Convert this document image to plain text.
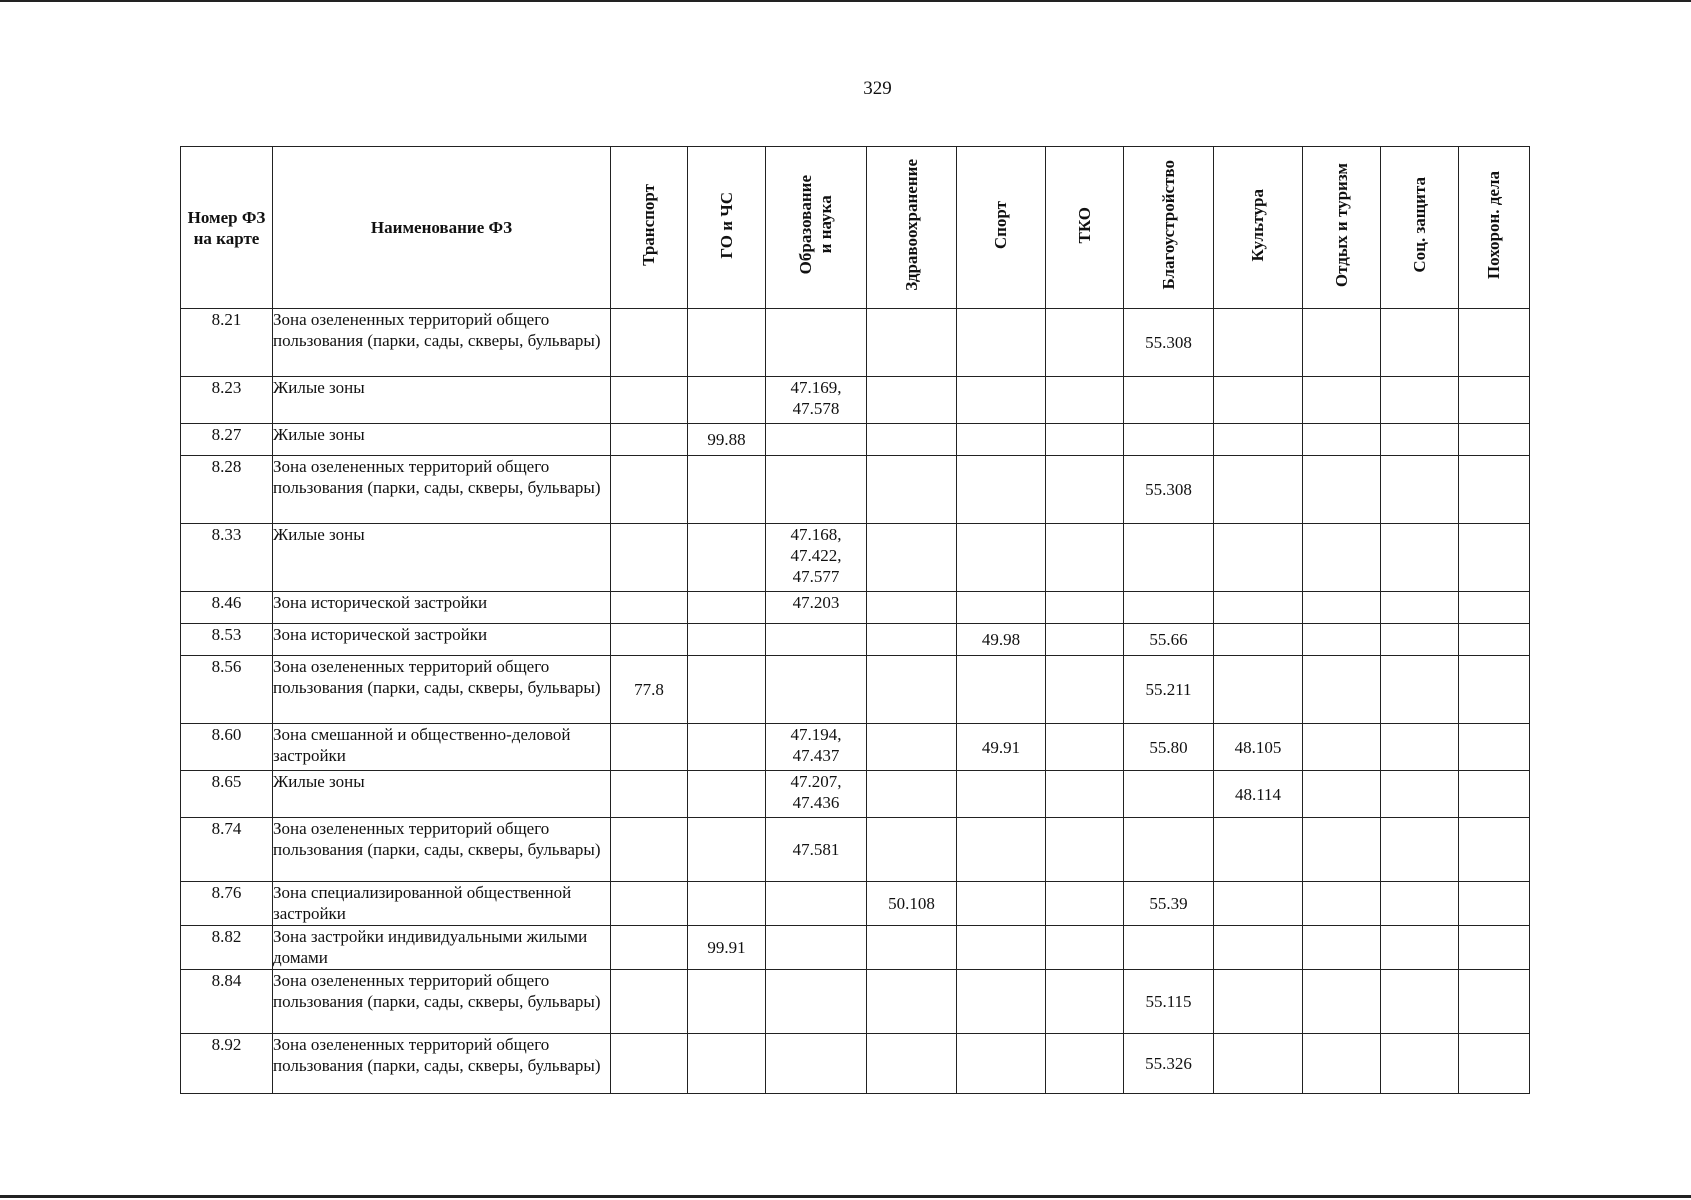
329
Номер ФЗ на карте	Наименование ФЗ	Транспорт	ГО и ЧС	Образование
и наука	Здравоохранение	Спорт	ТКО	Благоустройство	Культура	Отдых и туризм	Соц. защита	Похорон. дела
8.21	Зона озелененных территорий общего пользования (парки, сады, скверы, бульвары)							55.308				
8.23	Жилые зоны			47.169,
47.578								
8.27	Жилые зоны		99.88									
8.28	Зона озелененных территорий общего пользования (парки, сады, скверы, бульвары)							55.308				
8.33	Жилые зоны			47.168,
47.422,
47.577								
8.46	Зона исторической застройки			47.203								
8.53	Зона исторической застройки					49.98		55.66				
8.56	Зона озелененных территорий общего пользования (парки, сады, скверы, бульвары)	77.8						55.211				
8.60	Зона смешанной и общественно-деловой застройки			47.194,
47.437		49.91		55.80	48.105			
8.65	Жилые зоны			47.207,
47.436					48.114			
8.74	Зона озелененных территорий общего пользования (парки, сады, скверы, бульвары)			47.581								
8.76	Зона специализированной общественной застройки				50.108			55.39				
8.82	Зона застройки индивидуальными жилыми домами		99.91									
8.84	Зона озелененных территорий общего пользования (парки, сады, скверы, бульвары)							55.115				
8.92	Зона озелененных территорий общего пользования (парки, сады, скверы, бульвары)							55.326				
